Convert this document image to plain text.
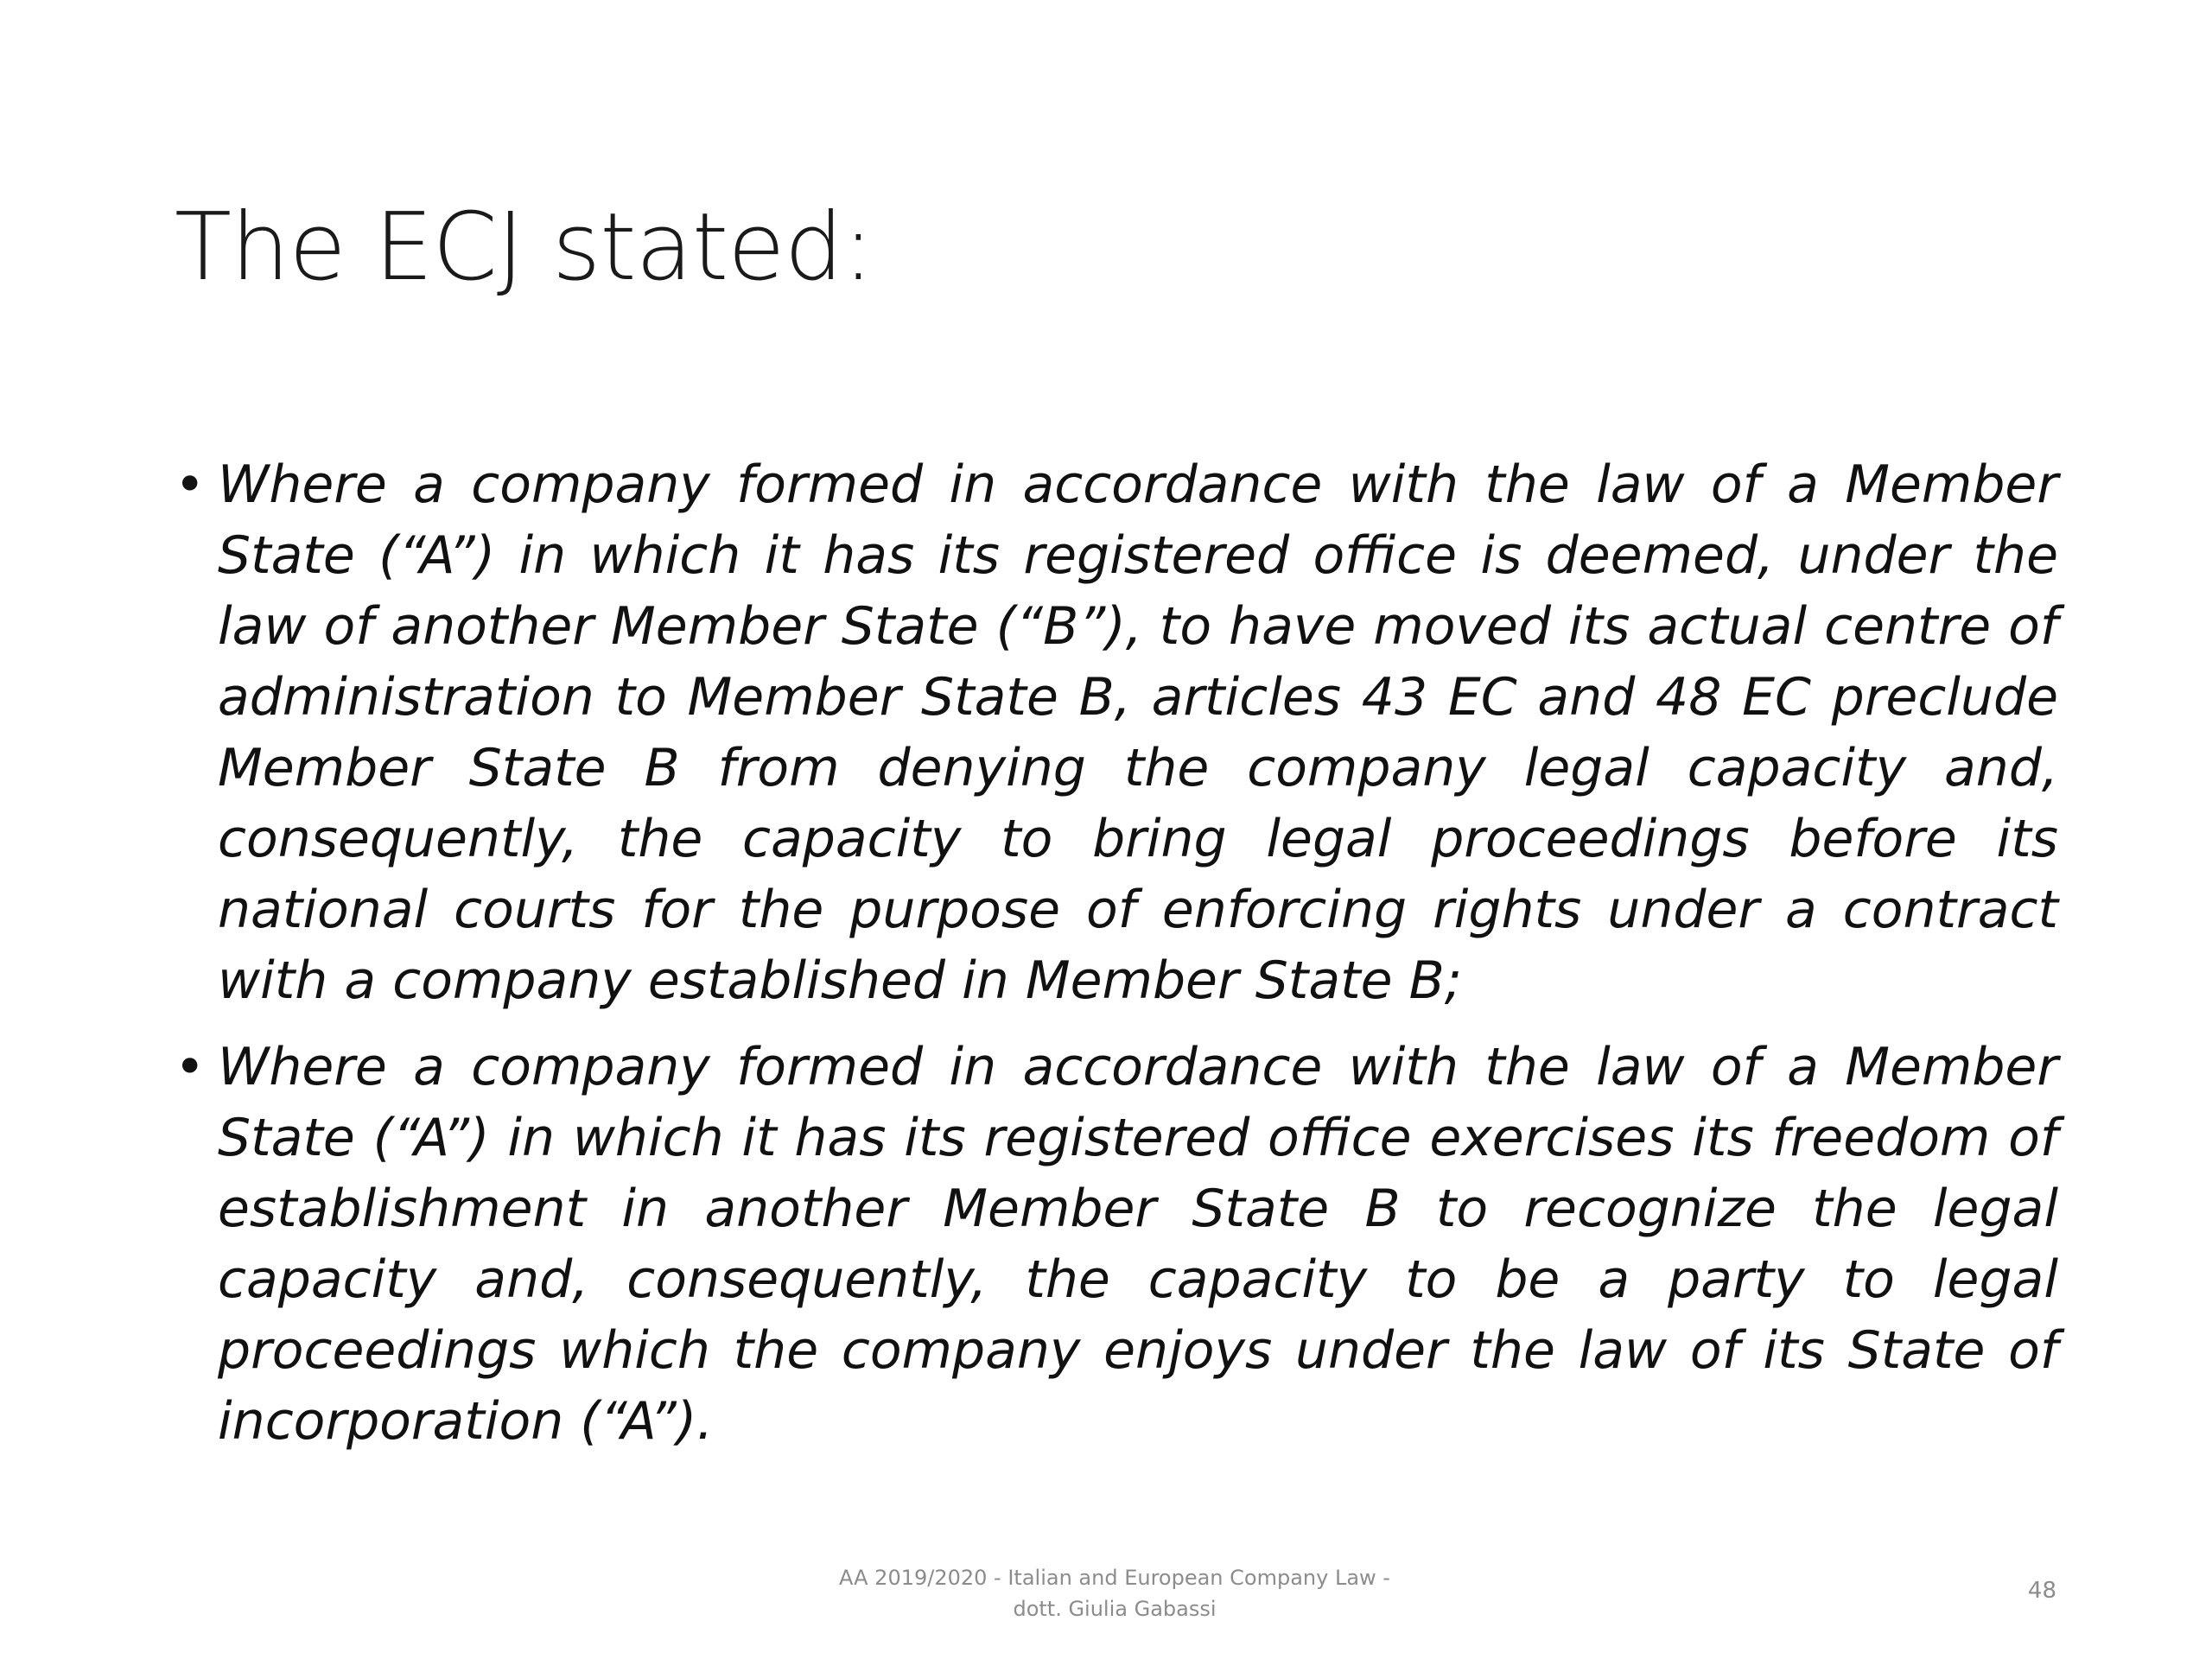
The ECJ stated:
• Where a company formed in accordance with the law of a Member State (“A”) in which it has its registered office is deemed, under the law of another Member State (“B”), to have moved its actual centre of administration to Member State B, articles 43 EC and 48 EC preclude Member State B from denying the company legal capacity and, consequently, the capacity to bring legal proceedings before its national courts for the purpose of enforcing rights under a contract with a company established in Member State B;
• Where a company formed in accordance with the law of a Member State (“A”) in which it has its registered office exercises its freedom of establishment in another Member State B to recognize the legal capacity and, consequently, the capacity to be a party to legal proceedings which the company enjoys under the law of its State of incorporation (“A”).
AA 2019/2020 - Italian and European Company Law -
dott. Giulia Gabassi
48
